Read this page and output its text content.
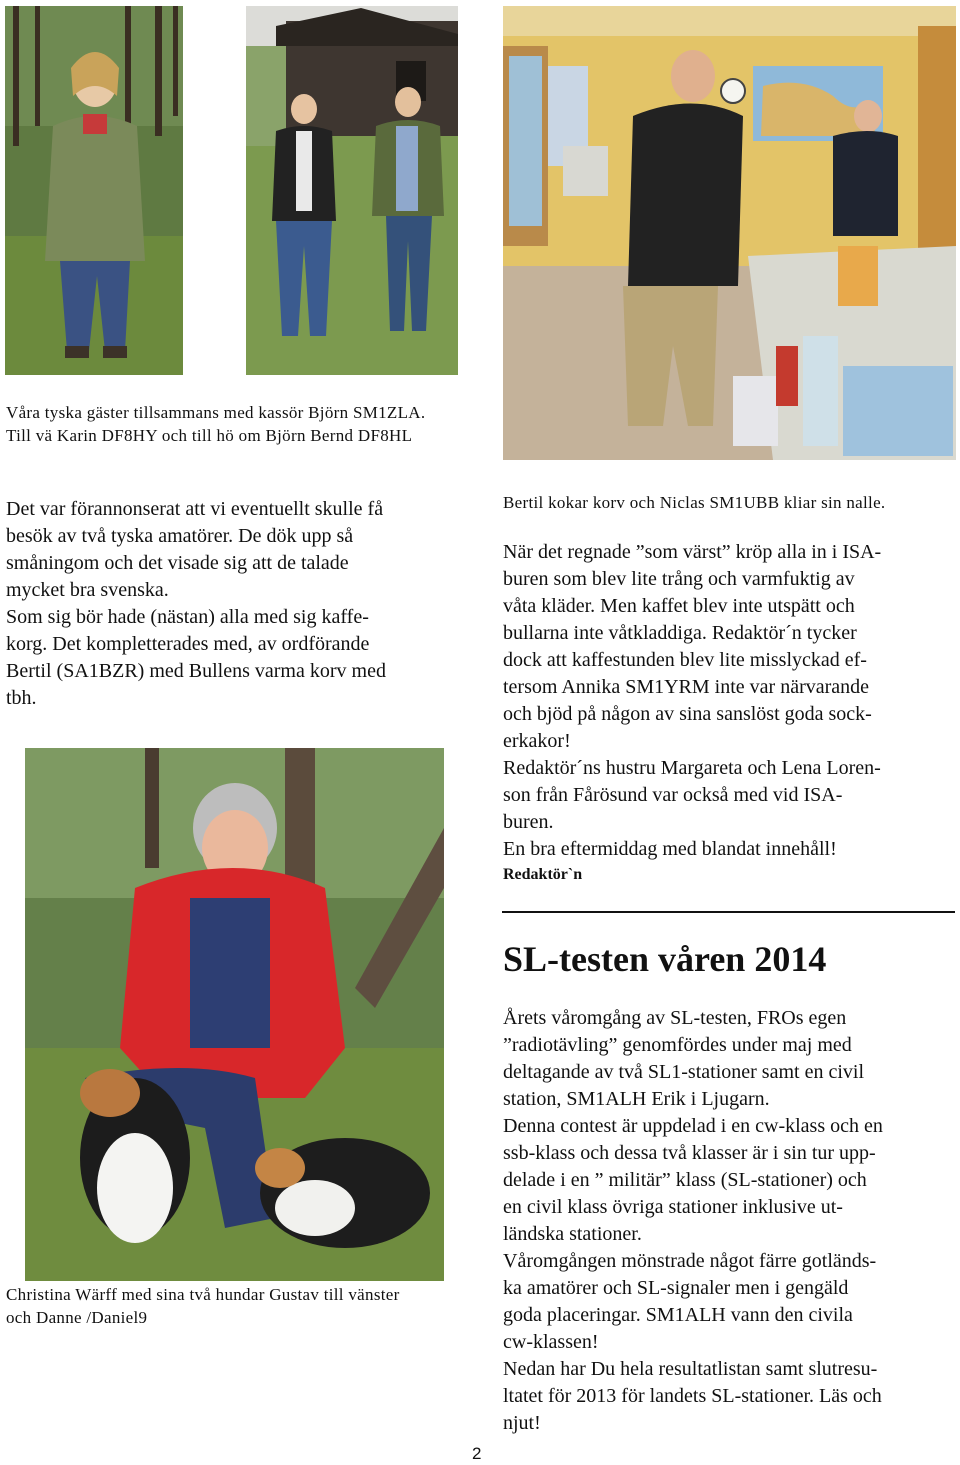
Våra tyska gäster tillsammans med kassör Björn SM1ZLA.
Till vä Karin DF8HY och till hö om Björn Bernd DF8HL

Det var förannonserat att vi eventuellt skulle få

besök av två tyska amatörer. De dök upp så

småningom och det visade sig att de talade

mycket bra svenska.

Som sig bör hade (nästan) alla med sig kaffe-

korg. Det kompletterades med, av ordförande

Bertil (SA1BZR) med Bullens varma korv med

tbh.

Christina Wärff med sina två hundar Gustav till vänster
och Danne /Daniel9
Bertil kokar korv och Niclas SM1UBB kliar sin nalle.

När det regnade ”som värst” kröp alla in i ISA-

buren som blev lite trång och varmfuktig av

våta kläder. Men kaffet blev inte utspätt och

bullarna inte våtkladdiga. Redaktör´n tycker

dock att kaffestunden blev lite misslyckad ef-

tersom Annika SM1YRM inte var närvarande

och bjöd på någon av sina sanslöst goda sock-

erkakor!

Redaktör´ns hustru Margareta och Lena Loren-

son från Fårösund var också med vid ISA-

buren.

En bra eftermiddag med blandat innehåll!

Redaktör`n
SL-testen våren 2014

Årets våromgång av SL-testen, FROs egen

”radiotävling” genomfördes under maj med

deltagande av två SL1-stationer samt en civil

station, SM1ALH Erik i Ljugarn.

Denna contest är uppdelad i en cw-klass och en

ssb-klass och dessa två klasser är i sin tur upp-

delade i en ” militär” klass (SL-stationer) och

en civil klass övriga stationer inklusive ut-

ländska stationer.

Våromgången mönstrade något färre gotländs-

ka amatörer och SL-signaler men i gengäld

goda placeringar. SM1ALH vann den civila

cw-klassen!

Nedan har Du hela resultatlistan samt slutresu-

ltatet för 2013 för landets SL-stationer. Läs och

njut!

2
